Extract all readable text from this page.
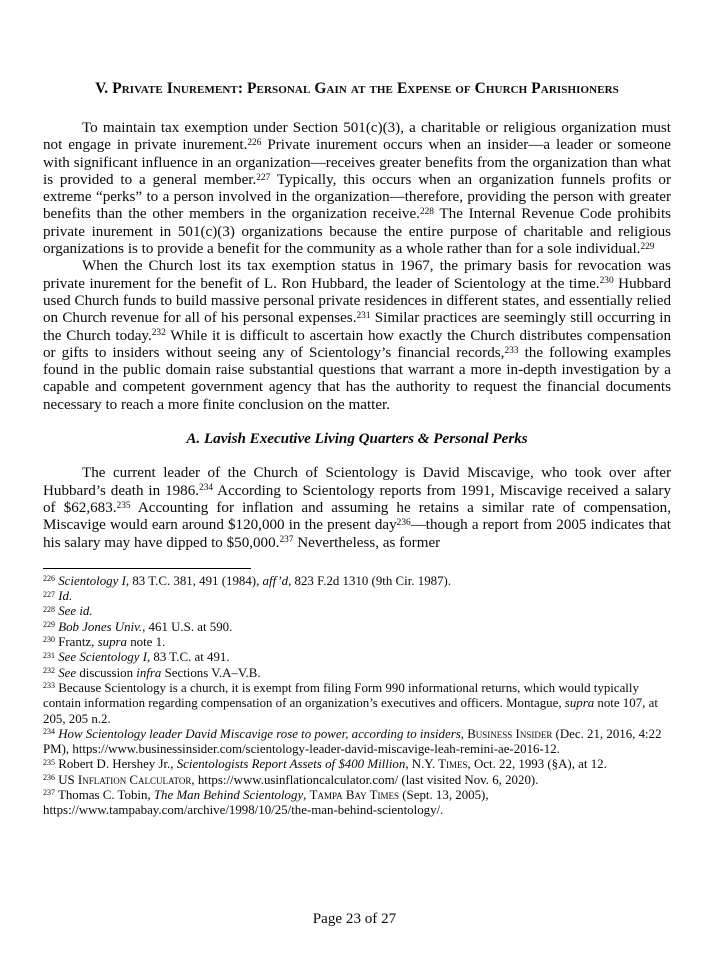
V. Private Inurement: Personal Gain at the Expense of Church Parishioners

To maintain tax exemption under Section 501(c)(3), a charitable or religious organization must not engage in private inurement.$^{226}$ Private inurement occurs when an insider—a leader or someone with significant influence in an organization—receives greater benefits from the organization than what is provided to a general member.$^{227}$ Typically, this occurs when an organization funnels profits or extreme “perks” to a person involved in the organization—therefore, providing the person with greater benefits than the other members in the organization receive.$^{228}$ The Internal Revenue Code prohibits private inurement in 501(c)(3) organizations because the entire purpose of charitable and religious organizations is to provide a benefit for the community as a whole rather than for a sole individual.$^{229}$

When the Church lost its tax exemption status in 1967, the primary basis for revocation was private inurement for the benefit of L. Ron Hubbard, the leader of Scientology at the time.$^{230}$ Hubbard used Church funds to build massive personal private residences in different states, and essentially relied on Church revenue for all of his personal expenses.$^{231}$ Similar practices are seemingly still occurring in the Church today.$^{232}$ While it is difficult to ascertain how exactly the Church distributes compensation or gifts to insiders without seeing any of Scientology’s financial records,$^{233}$ the following examples found in the public domain raise substantial questions that warrant a more in-depth investigation by a capable and competent government agency that has the authority to request the financial documents necessary to reach a more finite conclusion on the matter.

A. Lavish Executive Living Quarters & Personal Perks

The current leader of the Church of Scientology is David Miscavige, who took over after Hubbard’s death in 1986.$^{234}$ According to Scientology reports from 1991, Miscavige received a salary of $62,683.$^{235}$ Accounting for inflation and assuming he retains a similar rate of compensation, Miscavige would earn around $120,000 in the present day$^{236}$—though a report from 2005 indicates that his salary may have dipped to $50,000.$^{237}$ Nevertheless, as former

$^{226}$ Scientology I, 83 T.C. 381, 491 (1984), aff’d, 823 F.2d 1310 (9th Cir. 1987).
$^{227}$ Id.
$^{228}$ See id.
$^{229}$ Bob Jones Univ., 461 U.S. at 590.
$^{230}$ Frantz, supra note 1.
$^{231}$ See Scientology I, 83 T.C. at 491.
$^{232}$ See discussion infra Sections V.A–V.B.
$^{233}$ Because Scientology is a church, it is exempt from filing Form 990 informational returns, which would typically contain information regarding compensation of an organization’s executives and officers. Montague, supra note 107, at 205, 205 n.2.
$^{234}$ How Scientology leader David Miscavige rose to power, according to insiders, Business Insider (Dec. 21, 2016, 4:22 PM), https://www.businessinsider.com/scientology-leader-david-miscavige-leah-remini-ae-2016-12.
$^{235}$ Robert D. Hershey Jr., Scientologists Report Assets of $400 Million, N.Y. Times, Oct. 22, 1993 (§A), at 12.
$^{236}$ US Inflation Calculator, https://www.usinflationcalculator.com/ (last visited Nov. 6, 2020).
$^{237}$ Thomas C. Tobin, The Man Behind Scientology, Tampa Bay Times (Sept. 13, 2005), https://www.tampabay.com/archive/1998/10/25/the-man-behind-scientology/.
Page 23 of 27
